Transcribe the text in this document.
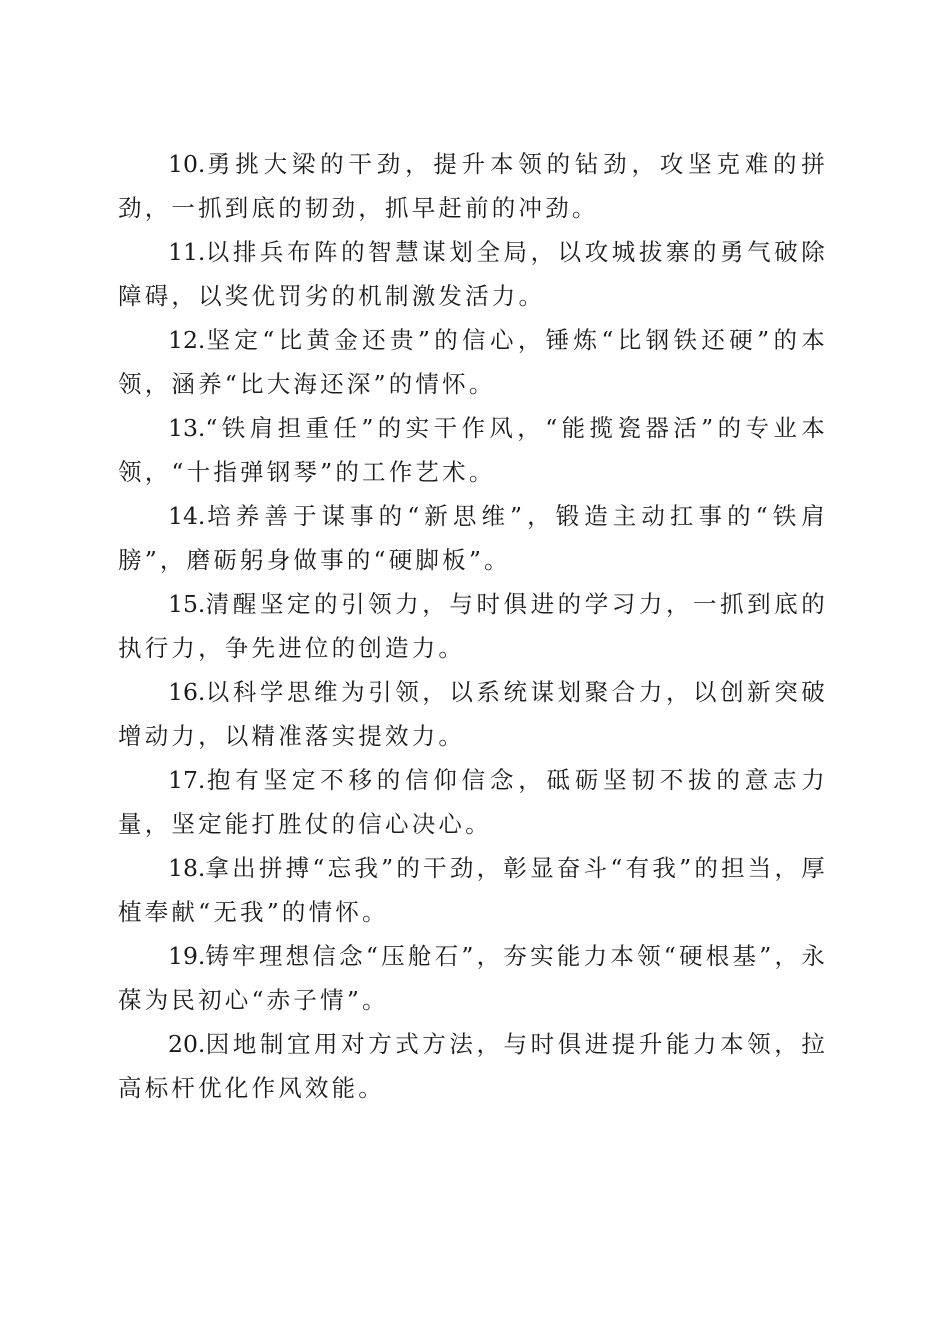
10.勇挑大梁的干劲，提升本领的钻劲，攻坚克难的拼劲，一抓到底的韧劲，抓早赶前的冲劲。

11.以排兵布阵的智慧谋划全局，以攻城拔寨的勇气破除障碍，以奖优罚劣的机制激发活力。

12.坚定“比黄金还贵”的信心，锤炼“比钢铁还硬”的本领，涵养“比大海还深”的情怀。

13.“铁肩担重任”的实干作风，“能揽瓷器活”的专业本领，“十指弹钢琴”的工作艺术。

14.培养善于谋事的“新思维”，锻造主动扛事的“铁肩膀”，磨砺躬身做事的“硬脚板”。

15.清醒坚定的引领力，与时俱进的学习力，一抓到底的执行力，争先进位的创造力。

16.以科学思维为引领，以系统谋划聚合力，以创新突破增动力，以精准落实提效力。

17.抱有坚定不移的信仰信念，砥砺坚韧不拔的意志力量，坚定能打胜仗的信心决心。

18.拿出拼搏“忘我”的干劲，彰显奋斗“有我”的担当，厚植奉献“无我”的情怀。

19.铸牢理想信念“压舱石”，夯实能力本领“硬根基”，永葆为民初心“赤子情”。

20.因地制宜用对方式方法，与时俱进提升能力本领，拉高标杆优化作风效能。
